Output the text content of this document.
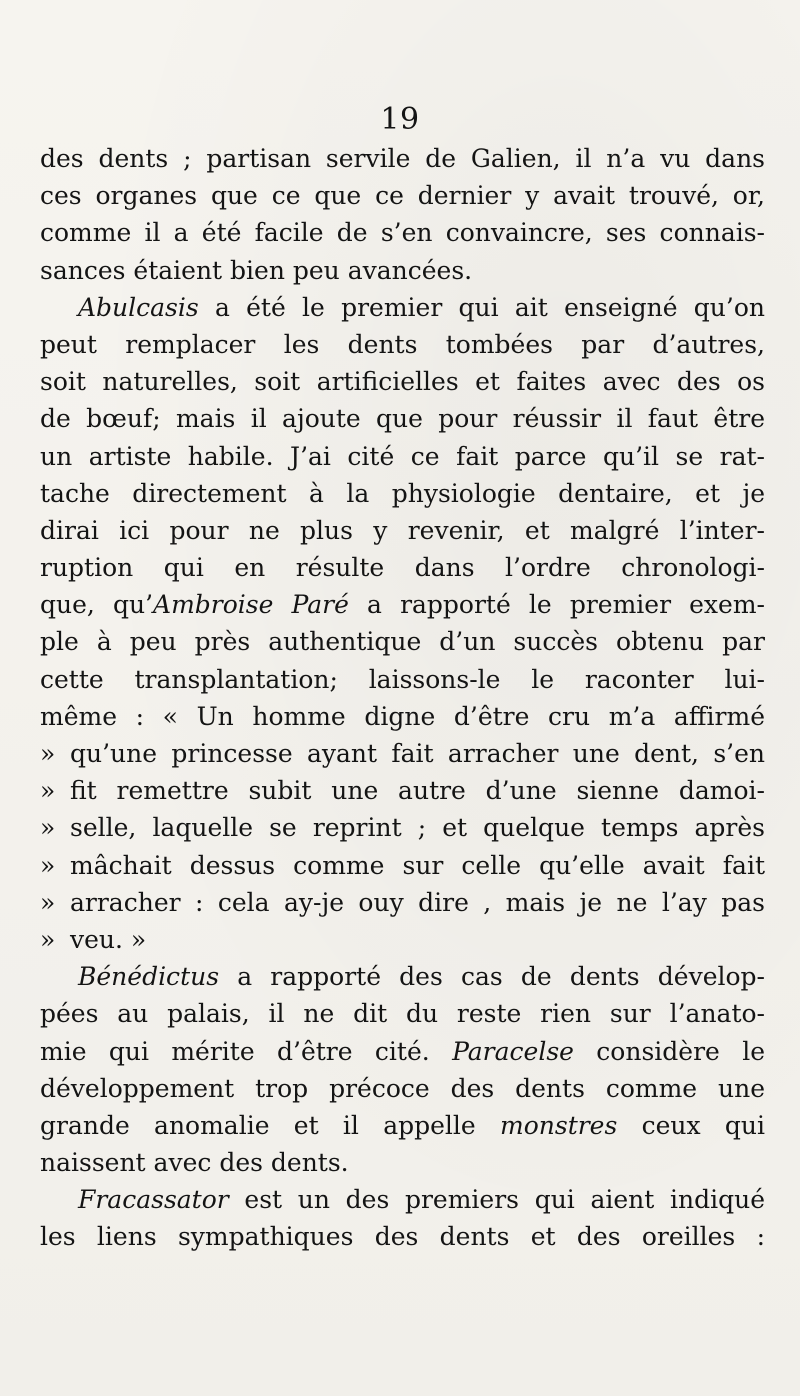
19
des dents ; partisan servile de Galien, il n’a vu dans
ces organes que ce que ce dernier y avait trouvé, or,
comme il a été facile de s’en convaincre, ses connais-
sances étaient bien peu avancées.
Abulcasis a été le premier qui ait enseigné qu’on
peut remplacer les dents tombées par d’autres,
soit naturelles, soit artificielles et faites avec des os
de bœuf; mais il ajoute que pour réussir il faut être
un artiste habile. J’ai cité ce fait parce qu’il se rat-
tache directement à la physiologie dentaire, et je
dirai ici pour ne plus y revenir, et malgré l’inter-
ruption qui en résulte dans l’ordre chronologi-
que, qu’Ambroise Paré a rapporté le premier exem-
ple à peu près authentique d’un succès obtenu par
cette transplantation; laissons-le le raconter lui-
même : « Un homme digne d’être cru m’a affirmé
» qu’une princesse ayant fait arracher une dent, s’en
» fit remettre subit une autre d’une sienne damoi-
» selle, laquelle se reprint ; et quelque temps après
» mâchait dessus comme sur celle qu’elle avait fait
» arracher : cela ay-je ouy dire , mais je ne l’ay pas
» veu. »
Bénédictus a rapporté des cas de dents dévelop-
pées au palais, il ne dit du reste rien sur l’anato-
mie qui mérite d’être cité. Paracelse considère le
développement trop précoce des dents comme une
grande anomalie et il appelle monstres ceux qui
naissent avec des dents.
Fracassator est un des premiers qui aient indiqué
les liens sympathiques des dents et des oreilles :
